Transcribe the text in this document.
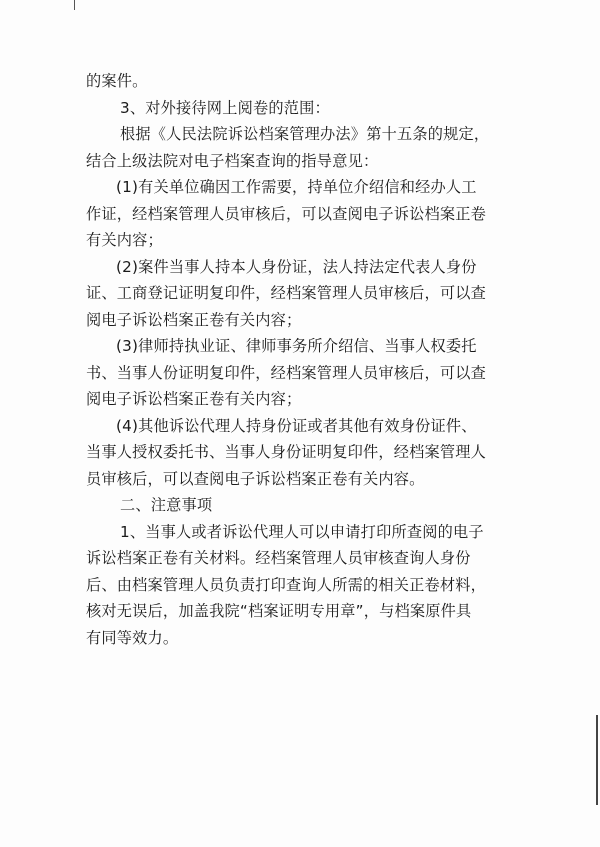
的案件。
3、对外接待网上阅卷的范围：
根据《人民法院诉讼档案管理办法》第十五条的规定，
结合上级法院对电子档案查询的指导意见：
(1)有关单位确因工作需要，持单位介绍信和经办人工
作证，经档案管理人员审核后，可以查阅电子诉讼档案正卷
有关内容；
(2)案件当事人持本人身份证，法人持法定代表人身份
证、工商登记证明复印件，经档案管理人员审核后，可以查
阅电子诉讼档案正卷有关内容；
(3)律师持执业证、律师事务所介绍信、当事人权委托
书、当事人份证明复印件，经档案管理人员审核后，可以查
阅电子诉讼档案正卷有关内容；
(4)其他诉讼代理人持身份证或者其他有效身份证件、
当事人授权委托书、当事人身份证明复印件，经档案管理人
员审核后，可以查阅电子诉讼档案正卷有关内容。
二、注意事项
1、当事人或者诉讼代理人可以申请打印所查阅的电子
诉讼档案正卷有关材料。经档案管理人员审核查询人身份
后、由档案管理人员负责打印查询人所需的相关正卷材料，
核对无误后，加盖我院“档案证明专用章”，与档案原件具
有同等效力。
